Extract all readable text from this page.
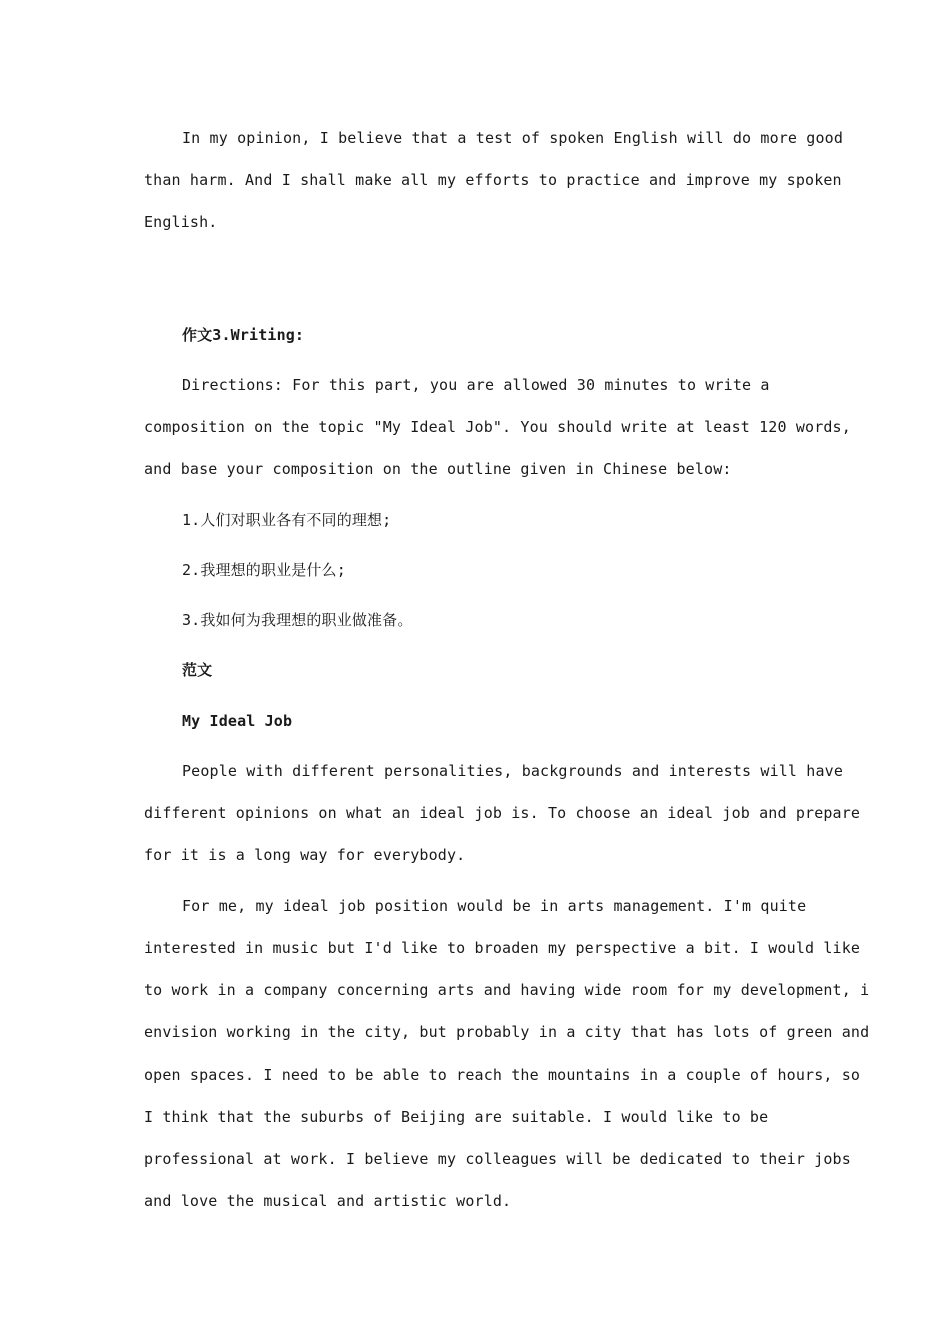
In my opinion, I believe that a test of spoken English will do more good
than harm. And I shall make all my efforts to practice and improve my spoken
English.
作文3.Writing:
Directions: For this part, you are allowed 30 minutes to write a
composition on the topic "My Ideal Job". You should write at least 120 words,
and base your composition on the outline given in Chinese below:
1.人们对职业各有不同的理想;
2.我理想的职业是什么;
3.我如何为我理想的职业做准备。
范文
My Ideal Job
People with different personalities, backgrounds and interests will have
different opinions on what an ideal job is. To choose an ideal job and prepare
for it is a long way for everybody.
For me, my ideal job position would be in arts management. I'm quite
interested in music but I'd like to broaden my perspective a bit. I would like
to work in a company concerning arts and having wide room for my development, i
envision working in the city, but probably in a city that has lots of green and
open spaces. I need to be able to reach the mountains in a couple of hours, so
I think that the suburbs of Beijing are suitable. I would like to be
professional at work. I believe my colleagues will be dedicated to their jobs
and love the musical and artistic world.
